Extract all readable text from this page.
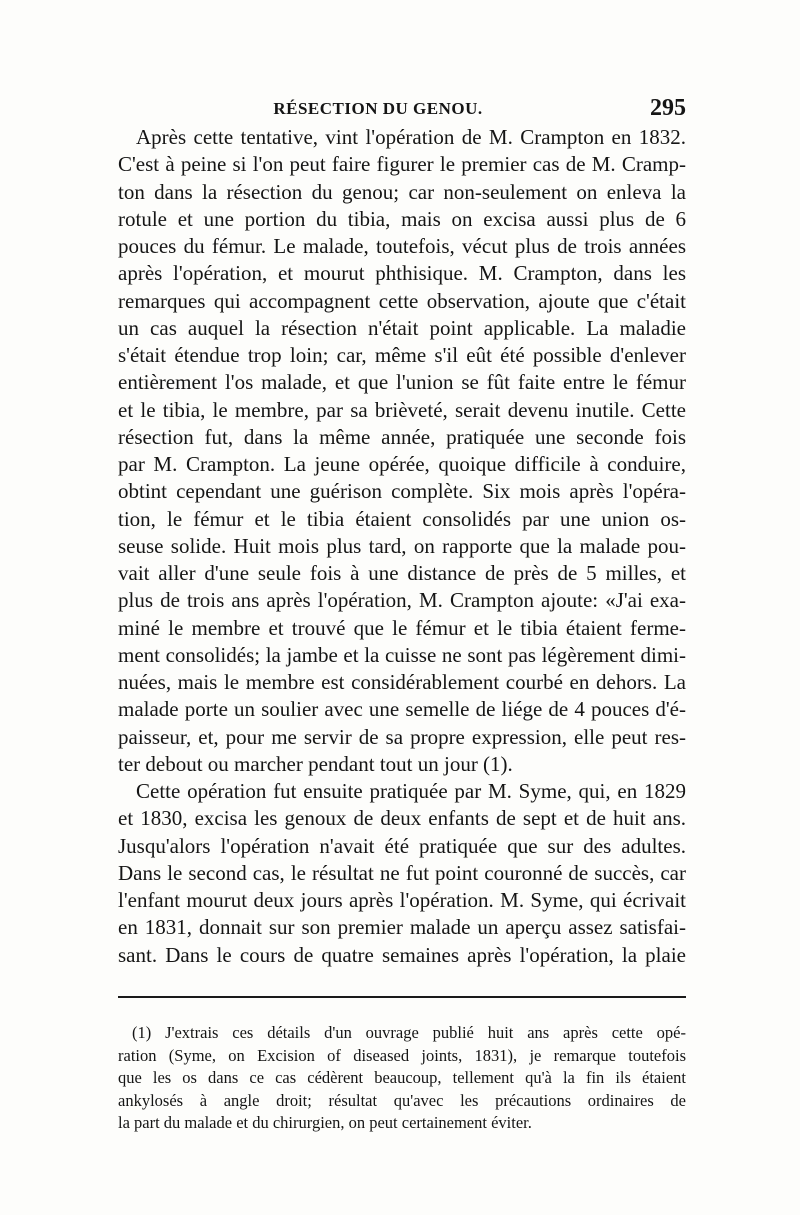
RÉSECTION DU GENOU.	295
Après cette tentative, vint l'opération de M. Crampton en 1832.
C'est à peine si l'on peut faire figurer le premier cas de M. Cramp-
ton dans la résection du genou; car non-seulement on enleva la
rotule et une portion du tibia, mais on excisa aussi plus de 6
pouces du fémur. Le malade, toutefois, vécut plus de trois années
après l'opération, et mourut phthisique. M. Crampton, dans les
remarques qui accompagnent cette observation, ajoute que c'était
un cas auquel la résection n'était point applicable. La maladie
s'était étendue trop loin; car, même s'il eût été possible d'enlever
entièrement l'os malade, et que l'union se fût faite entre le fémur
et le tibia, le membre, par sa brièveté, serait devenu inutile. Cette
résection fut, dans la même année, pratiquée une seconde fois
par M. Crampton. La jeune opérée, quoique difficile à conduire,
obtint cependant une guérison complète. Six mois après l'opéra-
tion, le fémur et le tibia étaient consolidés par une union os-
seuse solide. Huit mois plus tard, on rapporte que la malade pou-
vait aller d'une seule fois à une distance de près de 5 milles, et
plus de trois ans après l'opération, M. Crampton ajoute: «J'ai exa-
miné le membre et trouvé que le fémur et le tibia étaient ferme-
ment consolidés; la jambe et la cuisse ne sont pas légèrement dimi-
nuées, mais le membre est considérablement courbé en dehors. La
malade porte un soulier avec une semelle de liége de 4 pouces d'é-
paisseur, et, pour me servir de sa propre expression, elle peut res-
ter debout ou marcher pendant tout un jour (1).
Cette opération fut ensuite pratiquée par M. Syme, qui, en 1829
et 1830, excisa les genoux de deux enfants de sept et de huit ans.
Jusqu'alors l'opération n'avait été pratiquée que sur des adultes.
Dans le second cas, le résultat ne fut point couronné de succès, car
l'enfant mourut deux jours après l'opération. M. Syme, qui écrivait
en 1831, donnait sur son premier malade un aperçu assez satisfai-
sant. Dans le cours de quatre semaines après l'opération, la plaie
(1) J'extrais ces détails d'un ouvrage publié huit ans après cette opé-
ration (Syme, on Excision of diseased joints, 1831), je remarque toutefois
que les os dans ce cas cédèrent beaucoup, tellement qu'à la fin ils étaient
ankylosés à angle droit; résultat qu'avec les précautions ordinaires de
la part du malade et du chirurgien, on peut certainement éviter.
